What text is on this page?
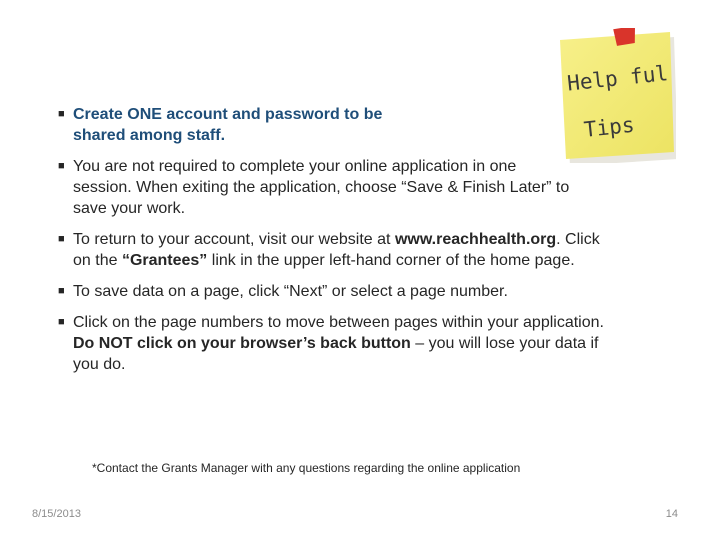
■ Create ONE account and password to be shared among staff.
■ You are not required to complete your online application in one session. When exiting the application, choose “Save & Finish Later” to save your work.
■ To return to your account, visit our website at www.reachhealth.org. Click on the “Grantees” link in the upper left-hand corner of the home page.
■ To save data on a page, click “Next” or select a page number.
■ Click on the page numbers to move between pages within your application. Do NOT click on your browser’s back button – you will lose your data if you do.
Help ful
Tips
*Contact the Grants Manager with any questions regarding the online application
8/15/2013	14
